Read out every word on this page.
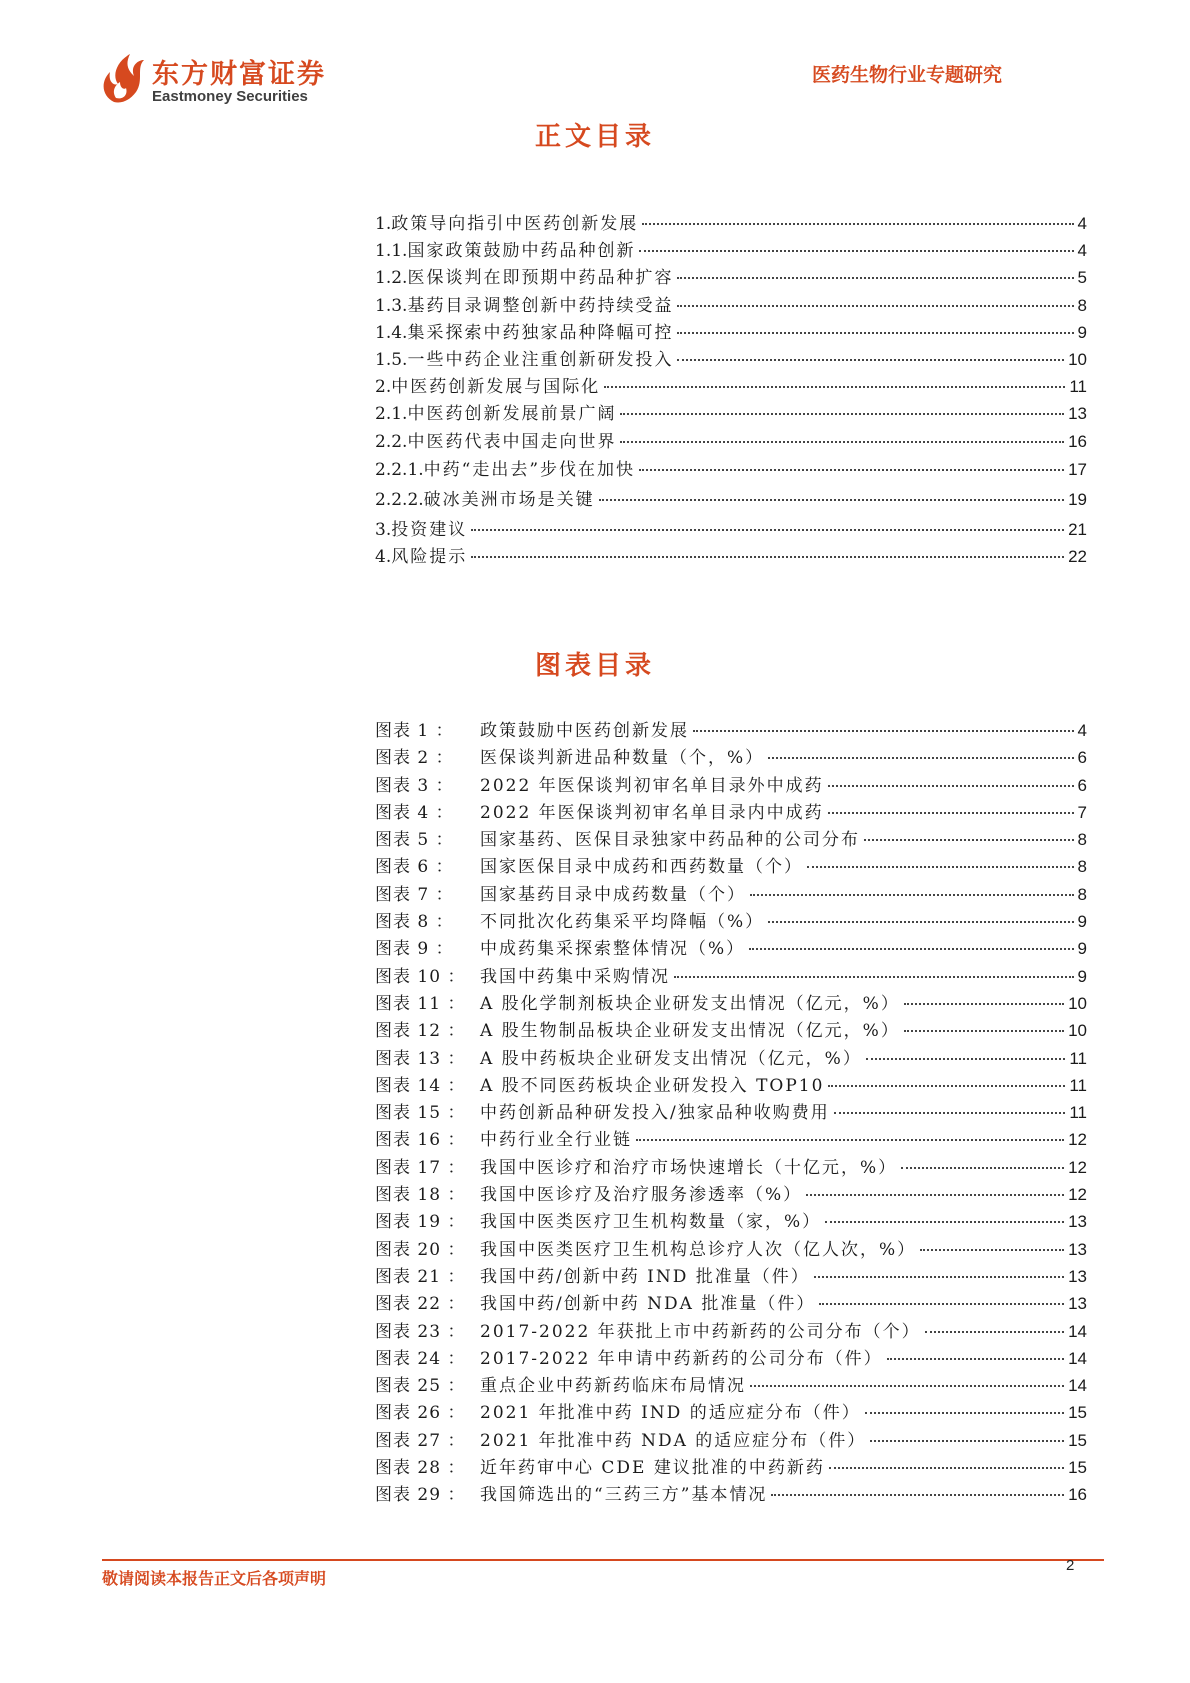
东方财富证券
Eastmoney Securities
医药生物行业专题研究
正文目录
1. 政策导向指引中医药创新发展	4
1.1. 国家政策鼓励中药品种创新	4
1.2. 医保谈判在即预期中药品种扩容	5
1.3. 基药目录调整创新中药持续受益	8
1.4. 集采探索中药独家品种降幅可控	9
1.5. 一些中药企业注重创新研发投入	10
2. 中医药创新发展与国际化	11
2.1. 中医药创新发展前景广阔	13
2.2. 中医药代表中国走向世界	16
2.2.1. 中药“走出去”步伐在加快	17
2.2.2. 破冰美洲市场是关键	19
3. 投资建议	21
4. 风险提示	22
图表目录
图表 1 ：	政策鼓励中医药创新发展	4
图表 2 ：	医保谈判新进品种数量（个，%）	6
图表 3 ：	2022 年医保谈判初审名单目录外中成药	6
图表 4 ：	2022 年医保谈判初审名单目录内中成药	7
图表 5 ：	国家基药、医保目录独家中药品种的公司分布	8
图表 6 ：	国家医保目录中成药和西药数量（个）	8
图表 7 ：	国家基药目录中成药数量（个）	8
图表 8 ：	不同批次化药集采平均降幅（%）	9
图表 9 ：	中成药集采探索整体情况（%）	9
图表 10 ： 我国中药集中采购情况	9
图表 11 ： A 股化学制剂板块企业研发支出情况（亿元，%）	10
图表 12 ： A 股生物制品板块企业研发支出情况（亿元，%）	10
图表 13 ： A 股中药板块企业研发支出情况（亿元，%）	11
图表 14 ： A 股不同医药板块企业研发投入 TOP10	11
图表 15 ： 中药创新品种研发投入/独家品种收购费用	11
图表 16 ： 中药行业全行业链	12
图表 17 ： 我国中医诊疗和治疗市场快速增长（十亿元，%）	12
图表 18 ： 我国中医诊疗及治疗服务渗透率（%）	12
图表 19 ： 我国中医类医疗卫生机构数量（家，%）	13
图表 20 ： 我国中医类医疗卫生机构总诊疗人次（亿人次，%）	13
图表 21 ： 我国中药/创新中药 IND 批准量（件）	13
图表 22 ： 我国中药/创新中药 NDA 批准量（件）	13
图表 23 ： 2017-2022 年获批上市中药新药的公司分布（个）	14
图表 24 ： 2017-2022 年申请中药新药的公司分布（件）	14
图表 25 ： 重点企业中药新药临床布局情况	14
图表 26 ： 2021 年批准中药 IND 的适应症分布（件）	15
图表 27 ： 2021 年批准中药 NDA 的适应症分布（件）	15
图表 28 ： 近年药审中心 CDE 建议批准的中药新药	15
图表 29 ： 我国筛选出的“三药三方”基本情况	16
敬请阅读本报告正文后各项声明
2
